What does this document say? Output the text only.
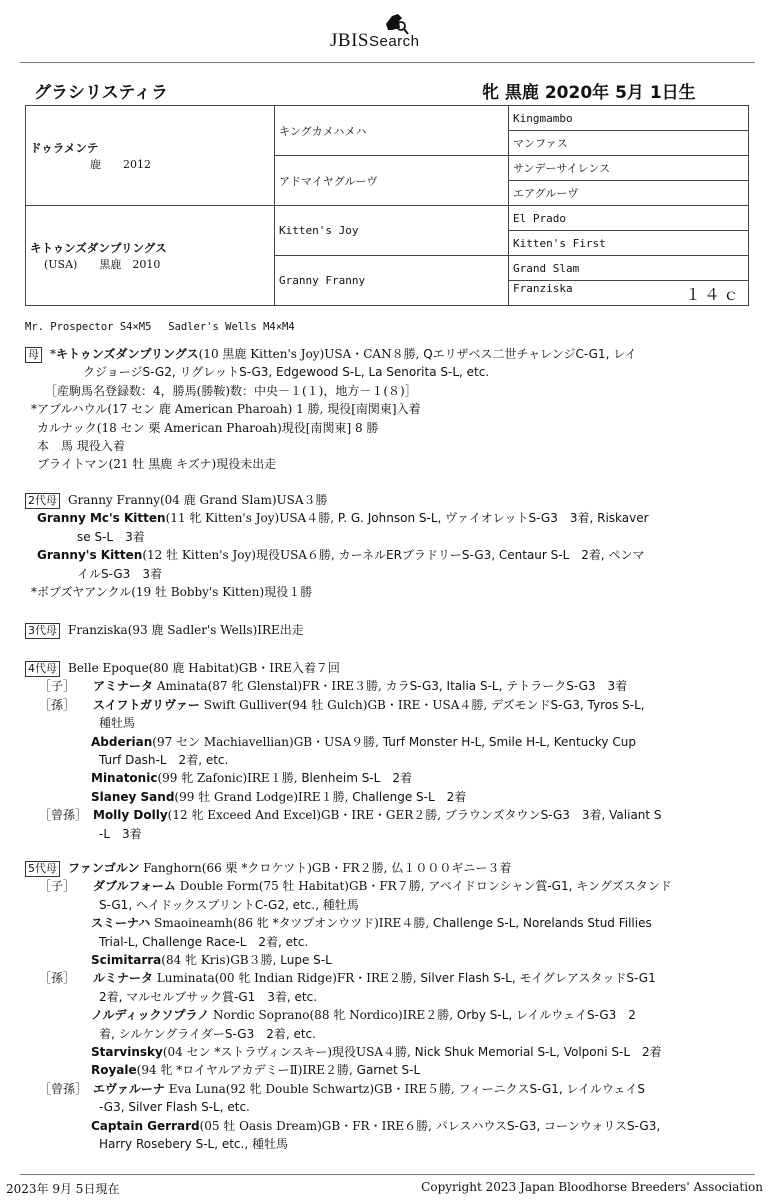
JBISSearch
グラシリスティラ	牝 黒鹿 2020年 5月 1日生
ドゥラメンテ
鹿　　2012	キングカメハメハ	Kingmambo
		マンファス
	アドマイヤグルーヴ	サンデーサイレンス
		エアグルーヴ

キトゥンズダンプリングス
(USA)　　黒鹿　2010	Kitten's Joy	El Prado
		Kitten's First
	Granny Franny	Grand Slam
		Franziska １４ｃ
Mr. Prospector S4×M5　 Sadler's Wells M4×M4
母 *キトゥンズダンプリングス(10 黒鹿 Kitten's Joy)USA・CAN８勝, Qエリザベス二世チャレンジC-G1, レイ
クジョージS-G2, リグレットS-G3, Edgewood S-L, La Senorita S-L, etc.
［産駒馬名登録数：4，勝馬(勝鞍)数：中央－１(１)，地方－１(８)］
*アブルハウル(17 セン 鹿 American Pharoah) 1 勝, 現役[南関東]入着
カルナック(18 セン 栗 American Pharoah)現役[南関東] 8 勝
本　馬 現役入着
ブライトマン(21 牡 黒鹿 キズナ)現役未出走
2代母 Granny Franny(04 鹿 Grand Slam)USA３勝
Granny Mc's Kitten(11 牝 Kitten's Joy)USA４勝, P. G. Johnson S-L, ヴァイオレットS-G3　3着, Riskaver
se S-L　3着
Granny's Kitten(12 牡 Kitten's Joy)現役USA６勝, カーネルERブラドリーS-G3, Centaur S-L　2着, ペンマ
イルS-G3　3着
*ボブズヤアンクル(19 牡 Bobby's Kitten)現役１勝
3代母 Franziska(93 鹿 Sadler's Wells)IRE出走
4代母 Belle Epoque(80 鹿 Habitat)GB・IRE入着７回
［子］ アミナータ Aminata(87 牝 Glenstal)FR・IRE３勝, カラS-G3, Italia S-L, テトラークS-G3　3着
［孫］ スイフトガリヴァー Swift Gulliver(94 牡 Gulch)GB・IRE・USA４勝, デズモンドS-G3, Tyros S-L,
種牡馬
Abderian(97 セン Machiavellian)GB・USA９勝, Turf Monster H-L, Smile H-L, Kentucky Cup
Turf Dash-L　2着, etc.
Minatonic(99 牝 Zafonic)IRE１勝, Blenheim S-L　2着
Slaney Sand(99 牡 Grand Lodge)IRE１勝, Challenge S-L　2着
［曾孫］ Molly Dolly(12 牝 Exceed And Excel)GB・IRE・GER２勝, ブラウンズタウンS-G3　3着, Valiant S
-L　3着
5代母 ファンゴルン Fanghorn(66 栗 *クロケツト)GB・FR２勝, 仏１０００ギニー３着
［子］ ダブルフォーム Double Form(75 牡 Habitat)GB・FR７勝, アベイドロンシャン賞-G1, キングズスタンド
S-G1, ヘイドックスプリントC-G2, etc., 種牡馬
スミーナハ Smaoineamh(86 牝 *タツプオンウツド)IRE４勝, Challenge S-L, Norelands Stud Fillies
Trial-L, Challenge Race-L　2着, etc.
Scimitarra(84 牝 Kris)GB３勝, Lupe S-L
［孫］ ルミナータ Luminata(00 牝 Indian Ridge)FR・IRE２勝, Silver Flash S-L, モイグレアスタッドS-G1
2着, マルセルブサック賞-G1　3着, etc.
ノルディックソプラノ Nordic Soprano(88 牝 Nordico)IRE２勝, Orby S-L, レイルウェイS-G3　2
着, シルケングライダーS-G3　2着, etc.
Starvinsky(04 セン *ストラヴィンスキー)現役USA４勝, Nick Shuk Memorial S-L, Volponi S-L　2着
Royale(94 牝 *ロイヤルアカデミーⅡ)IRE２勝, Garnet S-L
［曾孫］ エヴァルーナ Eva Luna(92 牝 Double Schwartz)GB・IRE５勝, フィーニクスS-G1, レイルウェイS
-G3, Silver Flash S-L, etc.
Captain Gerrard(05 牡 Oasis Dream)GB・FR・IRE６勝, パレスハウスS-G3, コーンウォリスS-G3,
Harry Rosebery S-L, etc., 種牡馬
2023年 9月 5日現在	Copyright 2023 Japan Bloodhorse Breeders' Association
